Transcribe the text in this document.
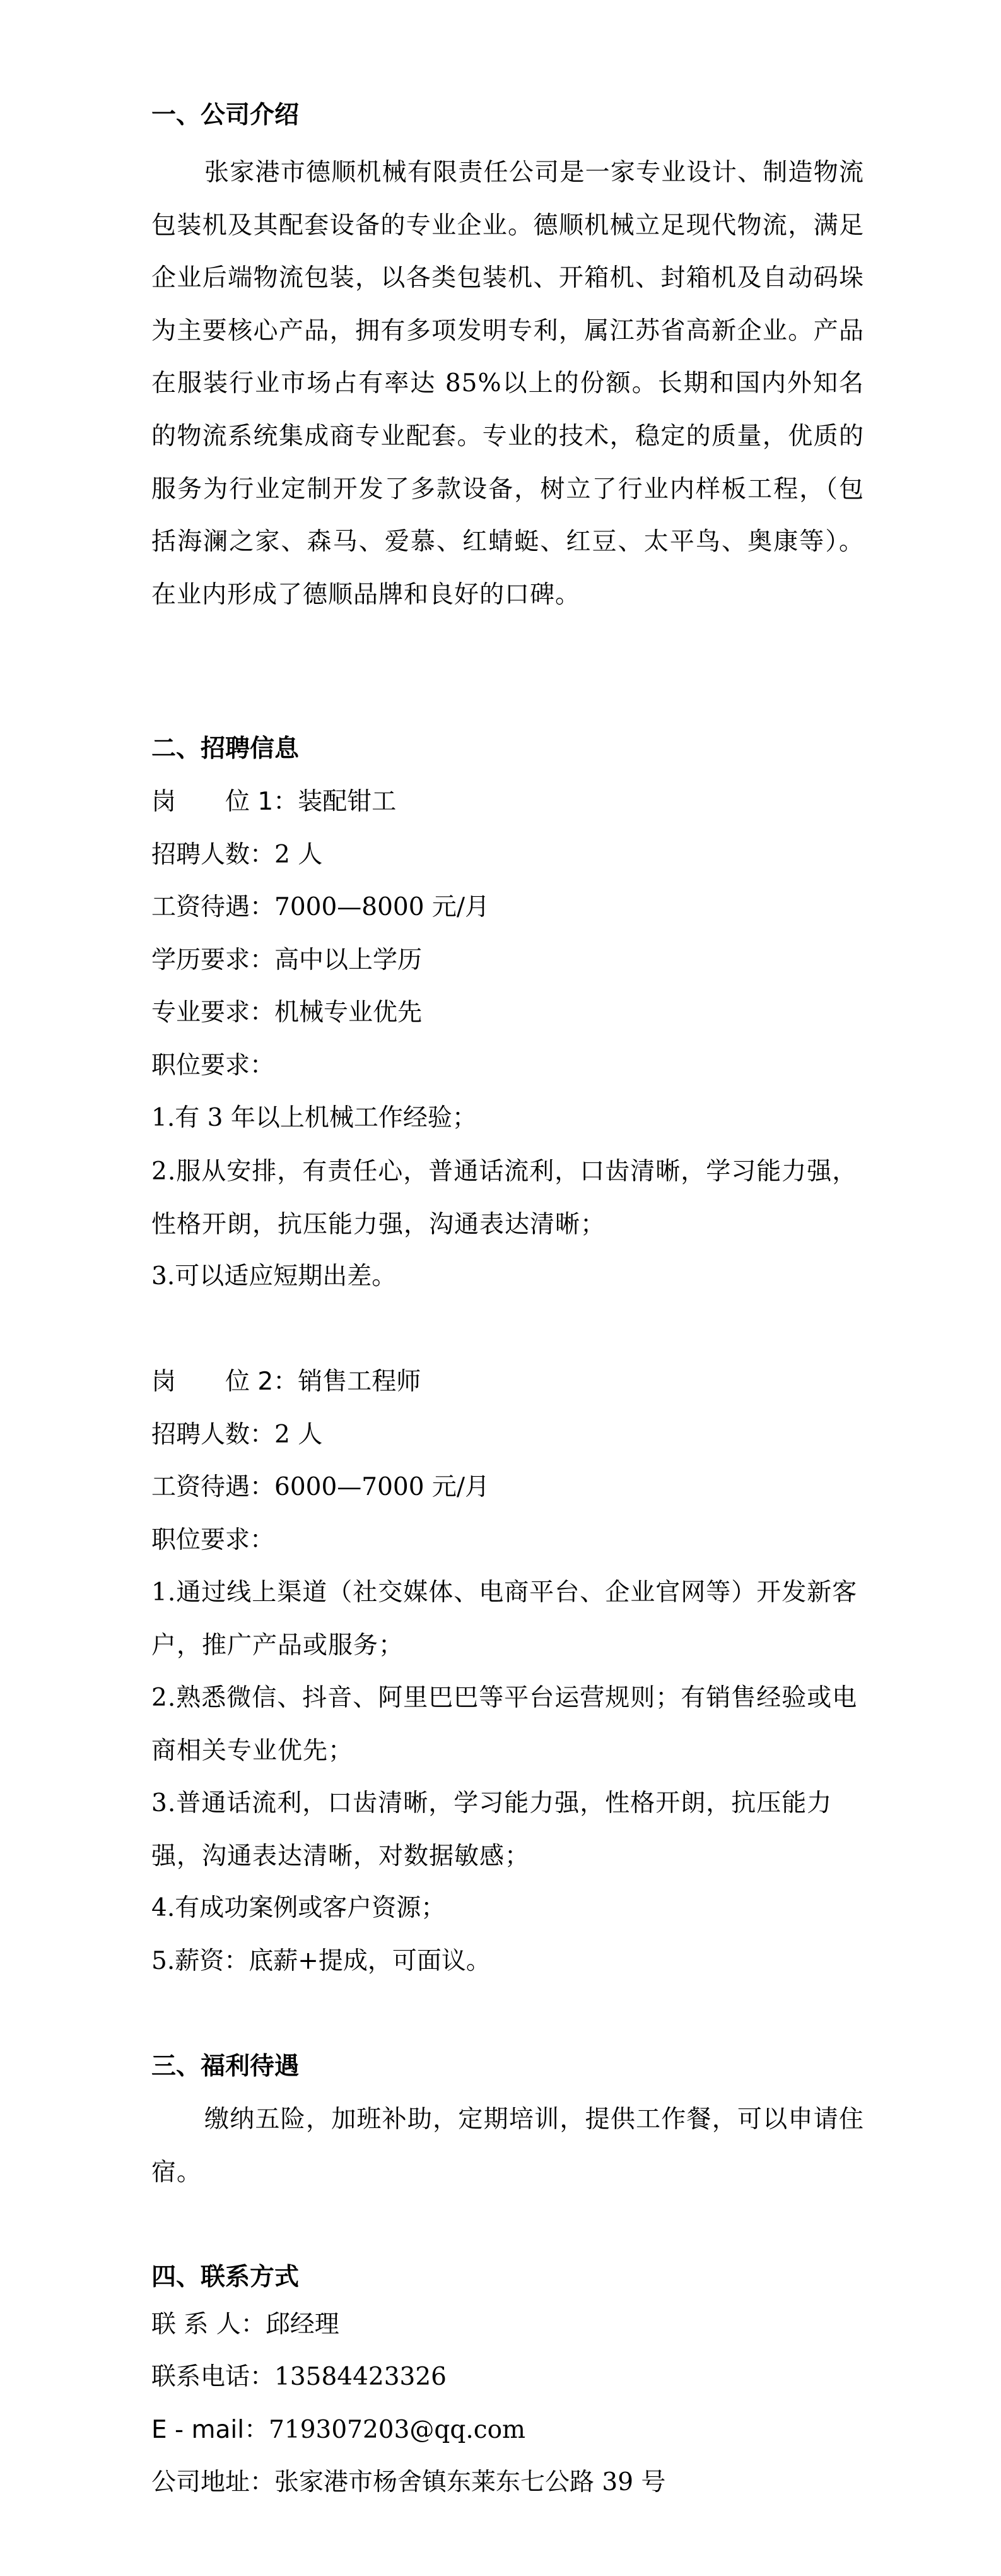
一、公司介绍
张家港市德顺机械有限责任公司是一家专业设计、制造物流包装机及其配套设备的专业企业。德顺机械立足现代物流，满足企业后端物流包装，以各类包装机、开箱机、封箱机及自动码垛为主要核心产品，拥有多项发明专利，属江苏省高新企业。产品在服装行业市场占有率达 85%以上的份额。长期和国内外知名的物流系统集成商专业配套。专业的技术，稳定的质量，优质的服务为行业定制开发了多款设备，树立了行业内样板工程，（包括海澜之家、森马、爱慕、红蜻蜓、红豆、太平鸟、奥康等）。在业内形成了德顺品牌和良好的口碑。
二、招聘信息
岗　　位 1：装配钳工
招聘人数：2 人
工资待遇：7000—8000 元/月
学历要求：高中以上学历
专业要求：机械专业优先
职位要求：
1.有 3 年以上机械工作经验；
2.服从安排，有责任心，普通话流利，口齿清晰，学习能力强，性格开朗，抗压能力强，沟通表达清晰；
3.可以适应短期出差。
岗　　位 2：销售工程师
招聘人数：2 人
工资待遇：6000—7000 元/月
职位要求：
1.通过线上渠道（社交媒体、电商平台、企业官网等）开发新客户，推广产品或服务；
2.熟悉微信、抖音、阿里巴巴等平台运营规则；有销售经验或电商相关专业优先；
3.普通话流利，口齿清晰，学习能力强，性格开朗，抗压能力强，沟通表达清晰，对数据敏感；
4.有成功案例或客户资源；
5.薪资：底薪+提成，可面议。
三、福利待遇
缴纳五险，加班补助，定期培训，提供工作餐，可以申请住宿。
四、联系方式
联 系 人：邱经理
联系电话：13584423326
E - mail：719307203@qq.com
公司地址：张家港市杨舍镇东莱东七公路 39 号
